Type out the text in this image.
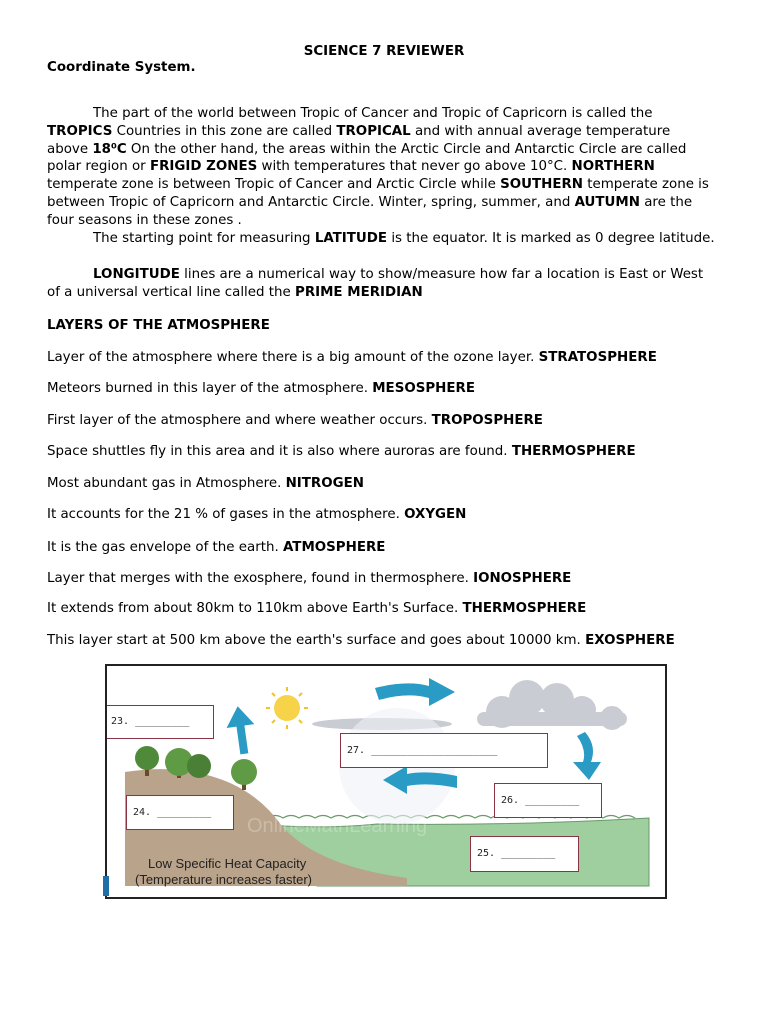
SCIENCE 7 REVIEWER
Coordinate System.
The part of the world between Tropic of Cancer and Tropic of Capricorn is called the TROPICS Countries in this zone are called TROPICAL and with annual average temperature above 18⁰C On the other hand, the areas within the Arctic Circle and Antarctic Circle are called polar region or FRIGID ZONES with temperatures that never go above 10°C. NORTHERN temperate zone is between Tropic of Cancer and Arctic Circle while SOUTHERN temperate zone is between Tropic of Capricorn and Antarctic Circle. Winter, spring, summer, and AUTUMN are the four seasons in these zones .
The starting point for measuring LATITUDE is the equator. It is marked as 0 degree latitude.
LONGITUDE lines are a numerical way to show/measure how far a location is East or West of a universal vertical line called the PRIME MERIDIAN
LAYERS OF THE ATMOSPHERE
Layer of the atmosphere where there is a big amount of the ozone layer. STRATOSPHERE
Meteors burned in this layer of the atmosphere. MESOSPHERE
First layer of the atmosphere and where weather occurs. TROPOSPHERE
Space shuttles fly in this area and it is also where auroras are found. THERMOSPHERE
Most abundant gas in Atmosphere. NITROGEN
It accounts for the 21 % of gases in the atmosphere. OXYGEN
It is the gas envelope of the earth. ATMOSPHERE
Layer that merges with the exosphere, found in thermosphere. IONOSPHERE
It extends from about 80km to 110km above Earth's Surface. THERMOSPHERE
This layer start at 500 km above the earth's surface and goes about 10000 km. EXOSPHERE
OnlineMathLearning
23. _________
27. _____________________
26. _________
24. _________
25. _________
Low Specific Heat Capacity
(Temperature increases faster)
